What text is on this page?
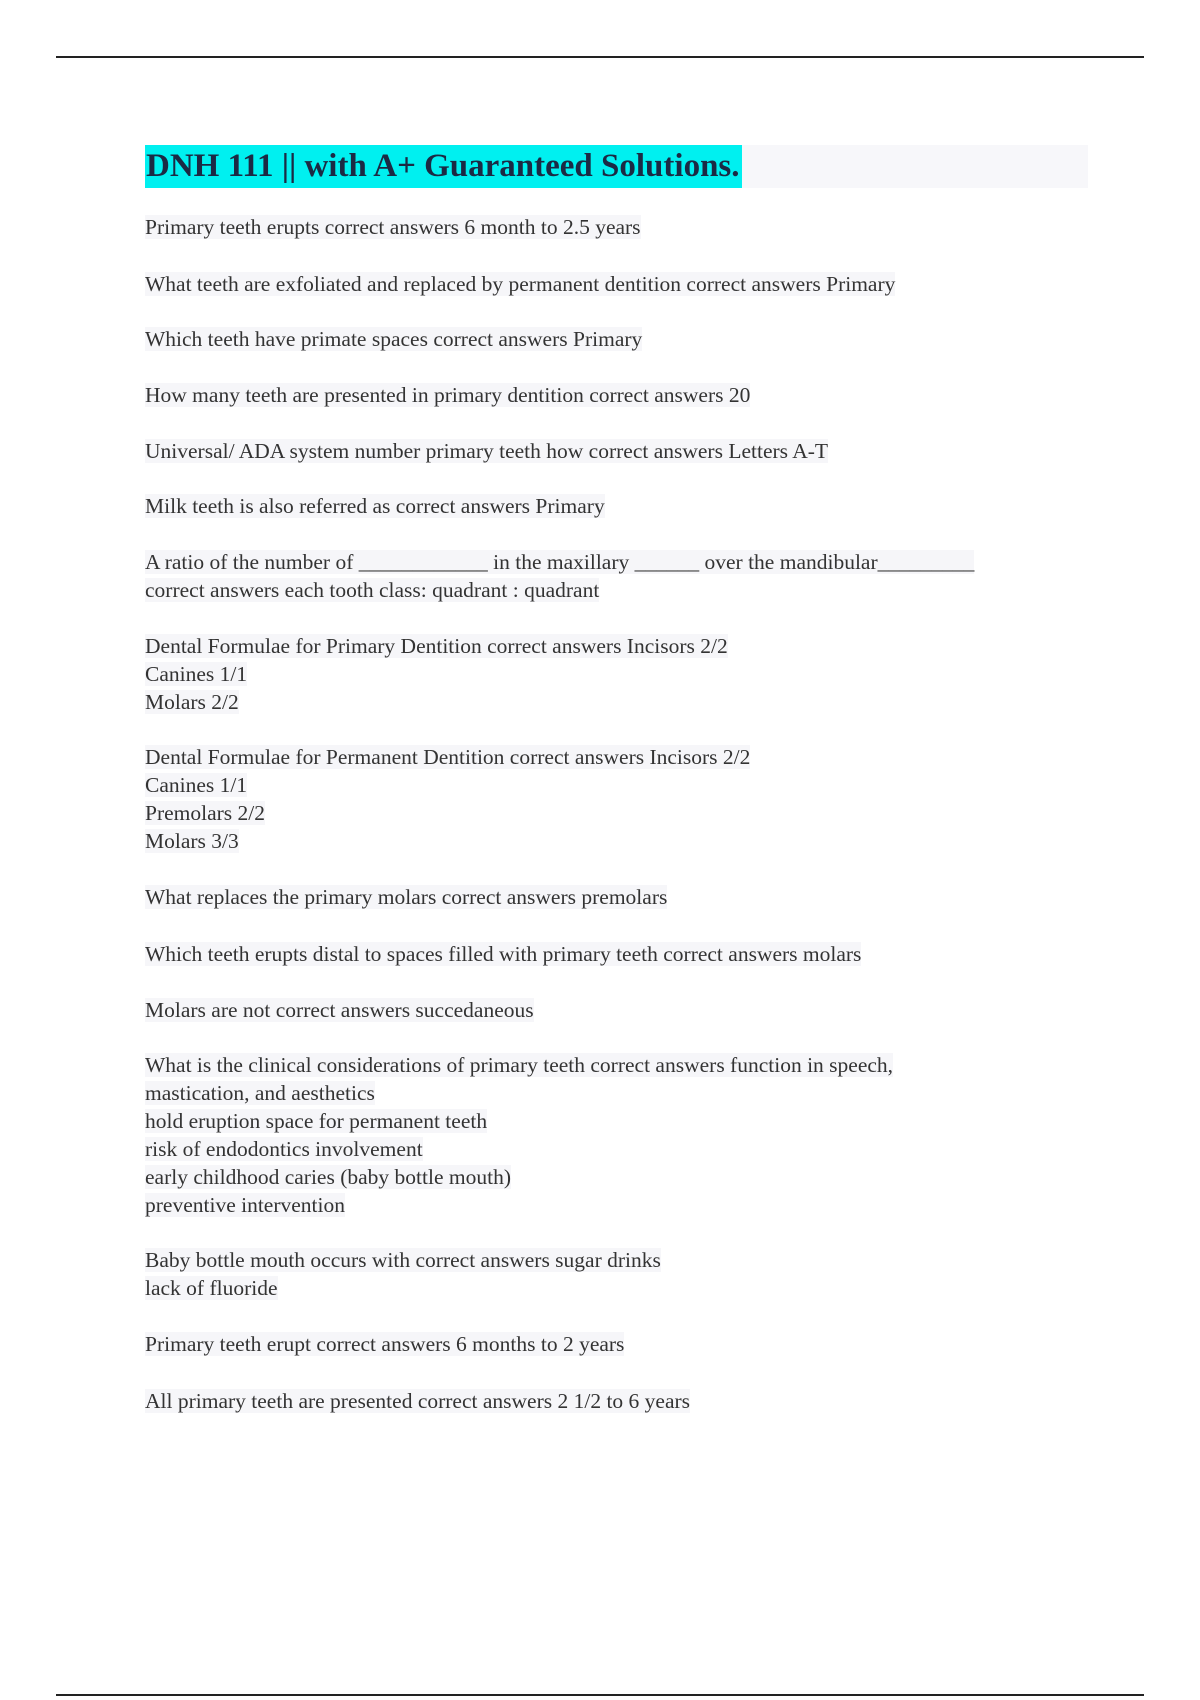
DNH 111 || with A+ Guaranteed Solutions.

Primary teeth erupts correct answers 6 month to 2.5 years

What teeth are exfoliated and replaced by permanent dentition correct answers Primary

Which teeth have primate spaces correct answers Primary

How many teeth are presented in primary dentition correct answers 20

Universal/ ADA system number primary teeth how correct answers Letters A-T

Milk teeth is also referred as correct answers Primary

A ratio of the number of ____________ in the maxillary ______ over the mandibular_________
correct answers each tooth class: quadrant : quadrant

Dental Formulae for Primary Dentition correct answers Incisors 2/2
Canines 1/1
Molars 2/2

Dental Formulae for Permanent Dentition correct answers Incisors 2/2
Canines 1/1
Premolars 2/2
Molars 3/3

What replaces the primary molars correct answers premolars

Which teeth erupts distal to spaces filled with primary teeth correct answers molars

Molars are not correct answers succedaneous

What is the clinical considerations of primary teeth correct answers function in speech,
mastication, and aesthetics
hold eruption space for permanent teeth
risk of endodontics involvement
early childhood caries (baby bottle mouth)
preventive intervention

Baby bottle mouth occurs with correct answers sugar drinks
lack of fluoride

Primary teeth erupt correct answers 6 months to 2 years

All primary teeth are presented correct answers 2 1/2 to 6 years
